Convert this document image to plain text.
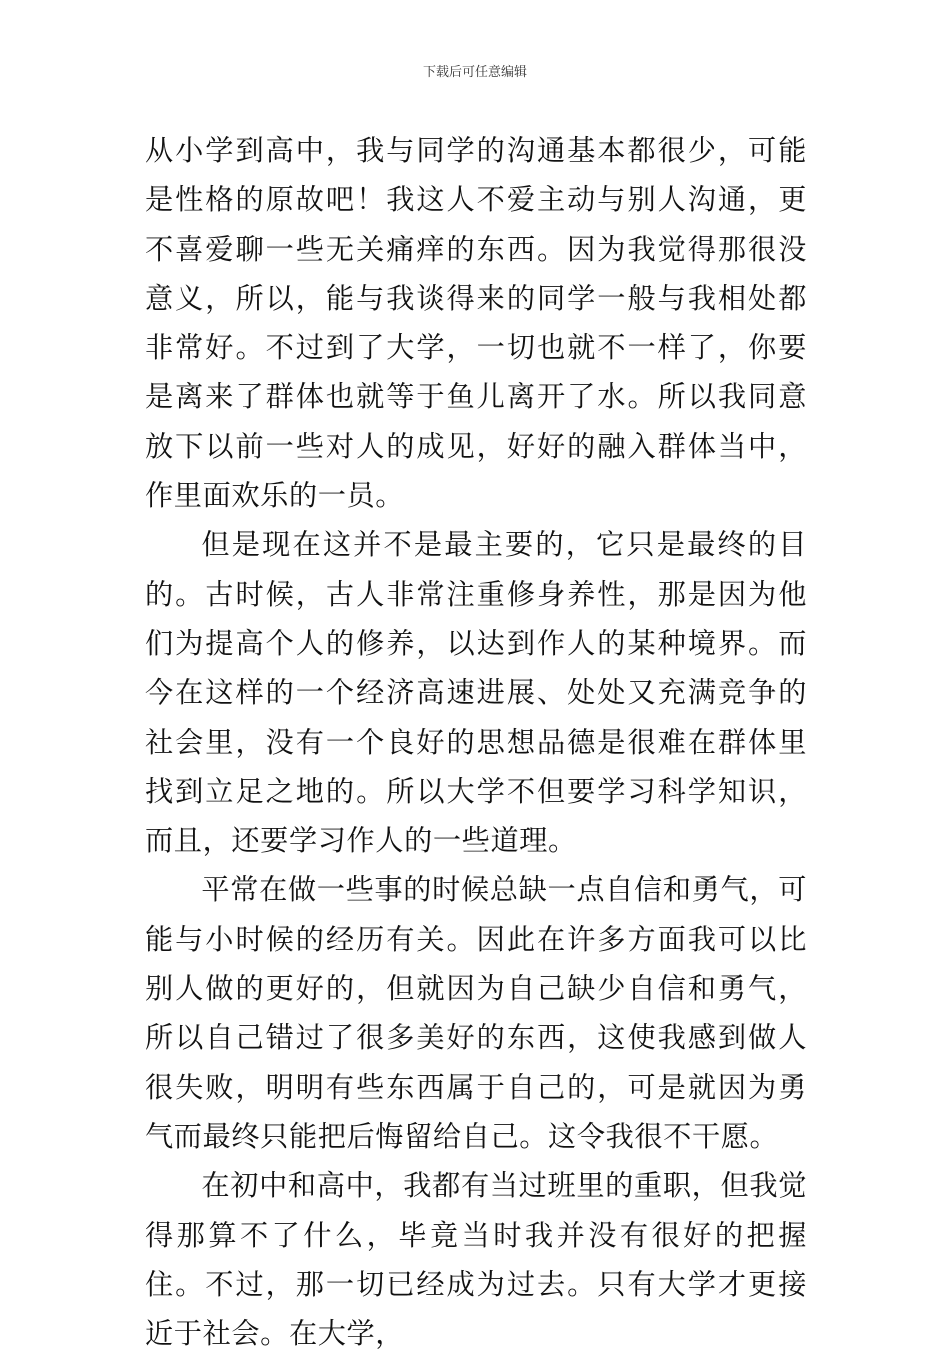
下载后可任意编辑

从小学到高中，我与同学的沟通基本都很少，可能是性格的原故吧！我这人不爱主动与别人沟通，更不喜爱聊一些无关痛痒的东西。因为我觉得那很没意义，所以，能与我谈得来的同学一般与我相处都非常好。不过到了大学，一切也就不一样了，你要是离来了群体也就等于鱼儿离开了水。所以我同意放下以前一些对人的成见，好好的融入群体当中，作里面欢乐的一员。

但是现在这并不是最主要的，它只是最终的目的。古时候，古人非常注重修身养性，那是因为他们为提高个人的修养，以达到作人的某种境界。而今在这样的一个经济高速进展、处处又充满竞争的社会里，没有一个良好的思想品德是很难在群体里找到立足之地的。所以大学不但要学习科学知识，而且，还要学习作人的一些道理。

平常在做一些事的时候总缺一点自信和勇气，可能与小时候的经历有关。因此在许多方面我可以比别人做的更好的，但就因为自己缺少自信和勇气，所以自己错过了很多美好的东西，这使我感到做人很失败，明明有些东西属于自己的，可是就因为勇气而最终只能把后悔留给自己。这令我很不干愿。

在初中和高中，我都有当过班里的重职，但我觉得那算不了什么，毕竟当时我并没有很好的把握住。不过，那一切已经成为过去。只有大学才更接近于社会。在大学，
